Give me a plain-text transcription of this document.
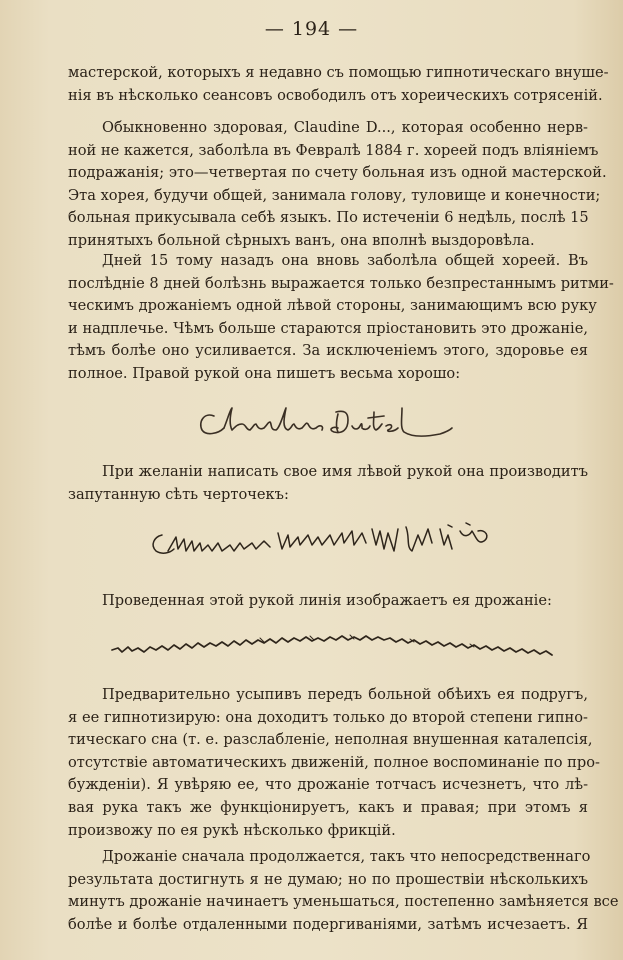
— 194 —
мастерской, которыхъ я недавно съ помощью гипнотическаго внуше-
нія въ нѣсколько сеансовъ освободилъ отъ хореическихъ сотрясеній.
Обыкновенно здоровая, Claudine D..., которая особенно нерв-
ной не кажется, заболѣла въ Февралѣ 1884 г. хореей подъ вліяніемъ
подражанія; это—четвертая по счету больная изъ одной мастерской.
Эта хорея, будучи общей, занимала голову, туловище и конечности;
больная прикусывала себѣ языкъ. По истеченіи 6 недѣль, послѣ 15
принятыхъ больной сѣрныхъ ванъ, она вполнѣ выздоровѣла.
Дней 15 тому назадъ она вновь заболѣла общей хореей. Въ
послѣдніе 8 дней болѣзнь выражается только безпрестаннымъ ритми-
ческимъ дрожаніемъ одной лѣвой стороны, занимающимъ всю руку
и надплечье. Чѣмъ больше стараются пріостановить это дрожаніе,
тѣмъ болѣе оно усиливается. За исключеніемъ этого, здоровье ея
полное. Правой рукой она пишетъ весьма хорошо:
При желаніи написать свое имя лѣвой рукой она производитъ
запутанную сѣть черточекъ:
Проведенная этой рукой линія изображаетъ ея дрожаніе:
Предварительно усыпивъ передъ больной обѣихъ ея подругъ,
я ее гипнотизирую: она доходитъ только до второй степени гипно-
тическаго сна (т. е. разслабленіе, неполная внушенная каталепсія,
отсутствіе автоматическихъ движеній, полное воспоминаніе по про-
бужденіи). Я увѣряю ее, что дрожаніе тотчасъ исчезнетъ, что лѣ-
вая рука такъ же функціонируетъ, какъ и правая; при этомъ я
произвожу по ея рукѣ нѣсколько фрикцій.
Дрожаніе сначала продолжается, такъ что непосредственнаго
результата достигнуть я не думаю; но по прошествіи нѣсколькихъ
минутъ дрожаніе начинаетъ уменьшаться, постепенно замѣняется все
болѣе и болѣе отдаленными подергиваніями, затѣмъ исчезаетъ. Я
